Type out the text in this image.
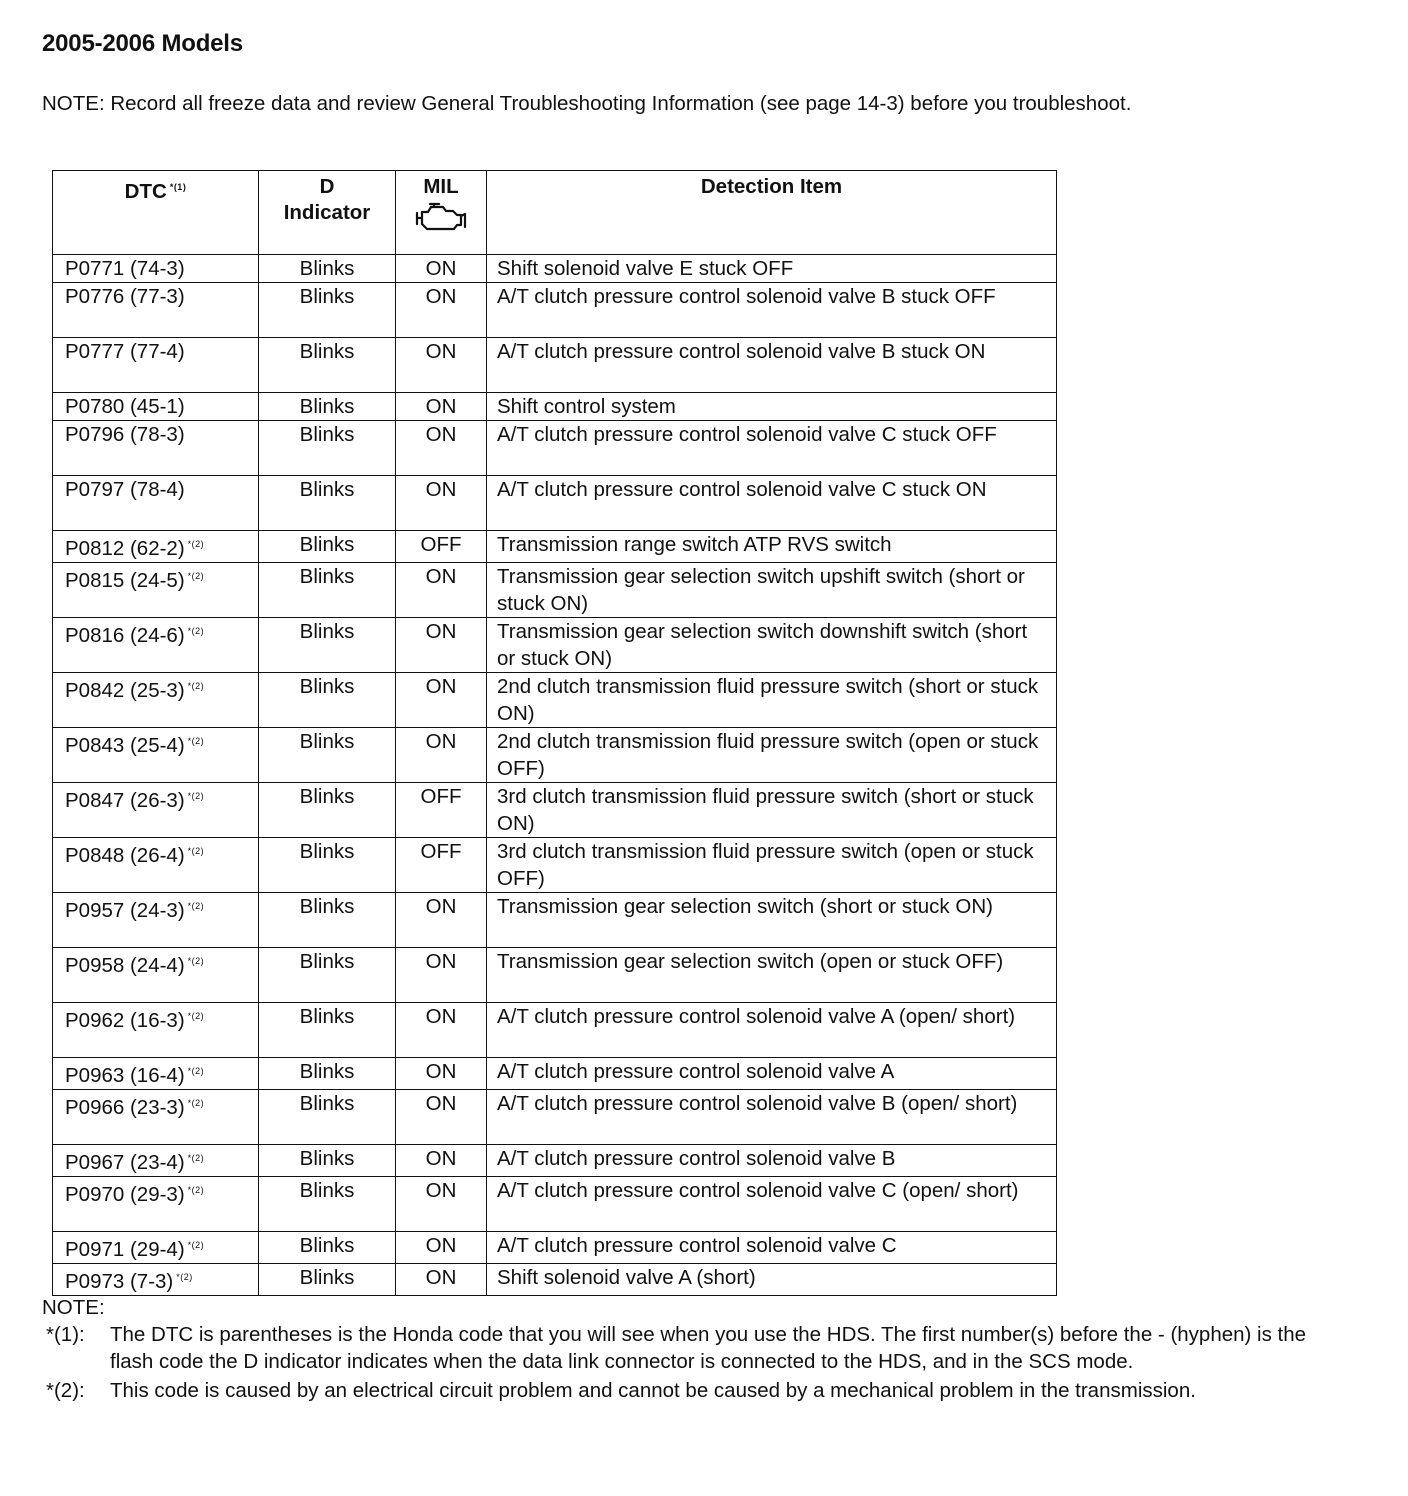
2005-2006 Models
NOTE: Record all freeze data and review General Troubleshooting Information (see page 14-3) before you troubleshoot.
DTC $^{*(1)}$	D Indicator	MIL	Detection Item
P0771 (74-3)	Blinks	ON	Shift solenoid valve E stuck OFF
P0776 (77-3)	Blinks	ON	A/T clutch pressure control solenoid valve B stuck OFF
P0777 (77-4)	Blinks	ON	A/T clutch pressure control solenoid valve B stuck ON
P0780 (45-1)	Blinks	ON	Shift control system
P0796 (78-3)	Blinks	ON	A/T clutch pressure control solenoid valve C stuck OFF
P0797 (78-4)	Blinks	ON	A/T clutch pressure control solenoid valve C stuck ON
P0812 (62-2) $^{*(2)}$	Blinks	OFF	Transmission range switch ATP RVS switch
P0815 (24-5) $^{*(2)}$	Blinks	ON	Transmission gear selection switch upshift switch (short or stuck ON)
P0816 (24-6) $^{*(2)}$	Blinks	ON	Transmission gear selection switch downshift switch (short or stuck ON)
P0842 (25-3) $^{*(2)}$	Blinks	ON	2nd clutch transmission fluid pressure switch (short or stuck ON)
P0843 (25-4) $^{*(2)}$	Blinks	ON	2nd clutch transmission fluid pressure switch (open or stuck OFF)
P0847 (26-3) $^{*(2)}$	Blinks	OFF	3rd clutch transmission fluid pressure switch (short or stuck ON)
P0848 (26-4) $^{*(2)}$	Blinks	OFF	3rd clutch transmission fluid pressure switch (open or stuck OFF)
P0957 (24-3) $^{*(2)}$	Blinks	ON	Transmission gear selection switch (short or stuck ON)
P0958 (24-4) $^{*(2)}$	Blinks	ON	Transmission gear selection switch (open or stuck OFF)
P0962 (16-3) $^{*(2)}$	Blinks	ON	A/T clutch pressure control solenoid valve A (open/ short)
P0963 (16-4) $^{*(2)}$	Blinks	ON	A/T clutch pressure control solenoid valve A
P0966 (23-3) $^{*(2)}$	Blinks	ON	A/T clutch pressure control solenoid valve B (open/ short)
P0967 (23-4) $^{*(2)}$	Blinks	ON	A/T clutch pressure control solenoid valve B
P0970 (29-3) $^{*(2)}$	Blinks	ON	A/T clutch pressure control solenoid valve C (open/ short)
P0971 (29-4) $^{*(2)}$	Blinks	ON	A/T clutch pressure control solenoid valve C
P0973 (7-3) $^{*(2)}$	Blinks	ON	Shift solenoid valve A (short)
NOTE:
*(1): The DTC is parentheses is the Honda code that you will see when you use the HDS. The first number(s) before the - (hyphen) is the flash code the D indicator indicates when the data link connector is connected to the HDS, and in the SCS mode.
*(2): This code is caused by an electrical circuit problem and cannot be caused by a mechanical problem in the transmission.
